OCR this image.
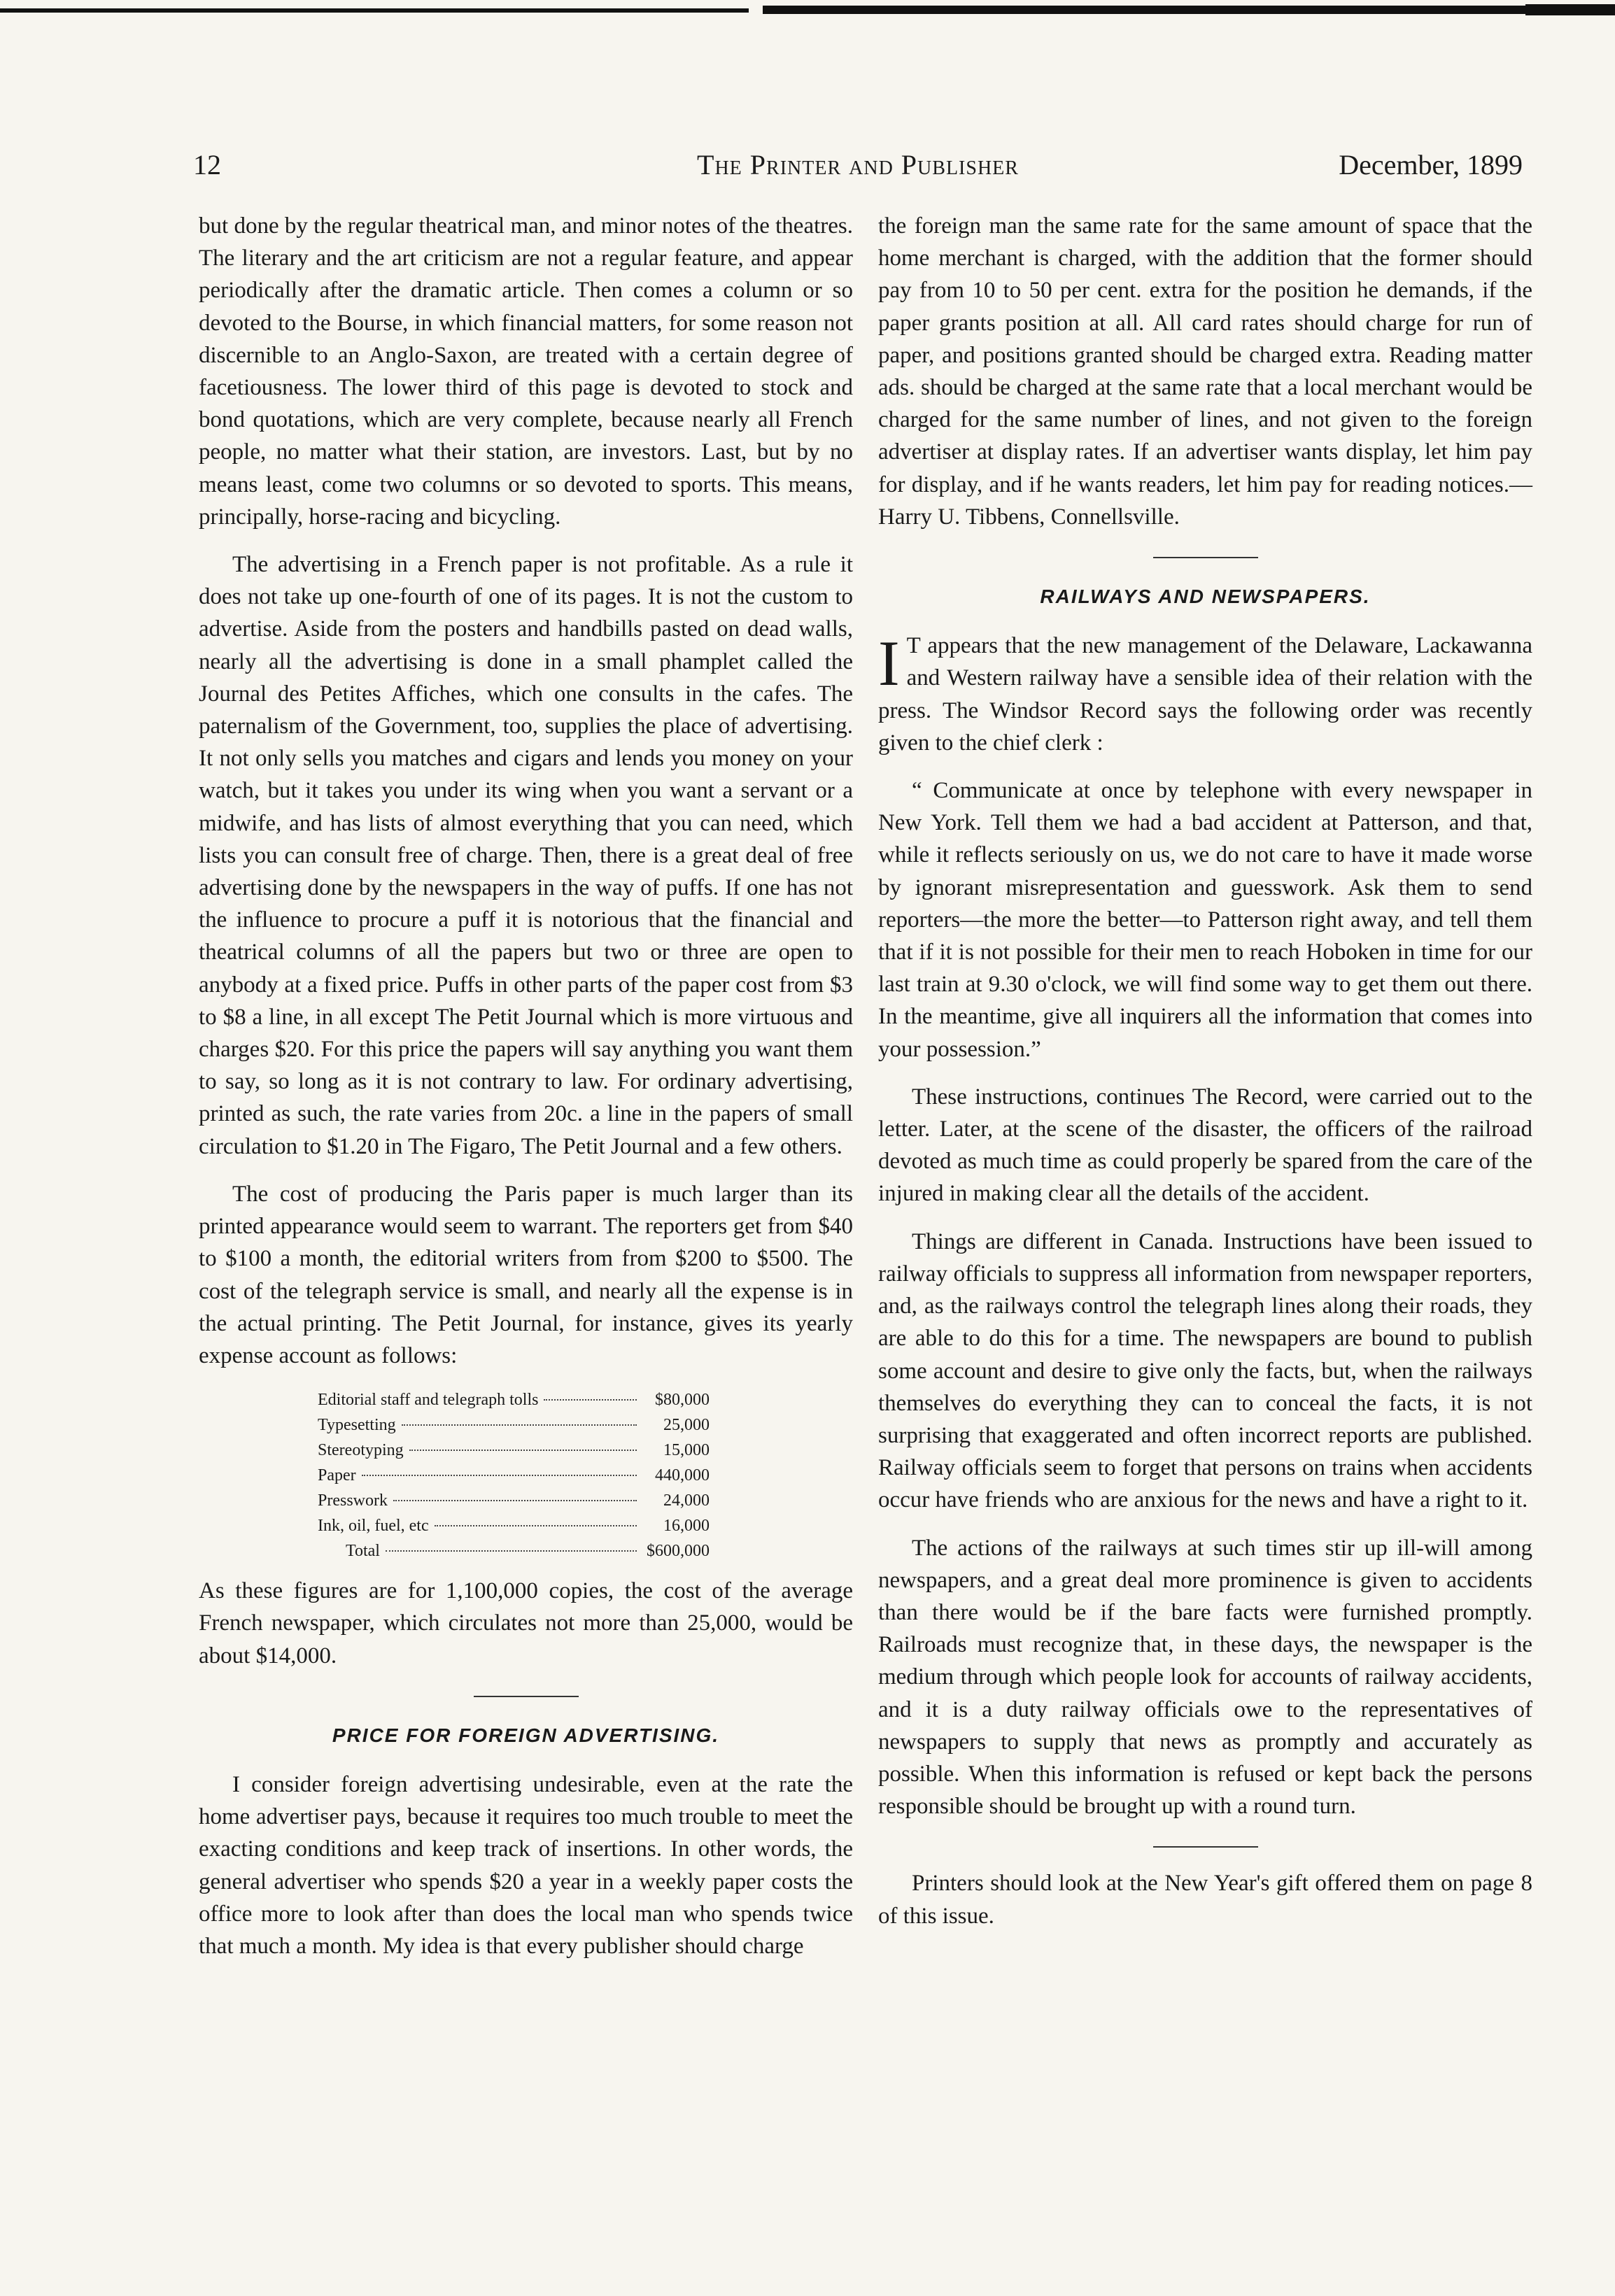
12	The Printer and Publisher	December, 1899

but done by the regular theatrical man, and minor notes of the theatres. The literary and the art criticism are not a regular feature, and appear periodically after the dramatic article. Then comes a column or so devoted to the Bourse, in which financial matters, for some reason not discernible to an Anglo-Saxon, are treated with a certain degree of facetiousness. The lower third of this page is devoted to stock and bond quotations, which are very complete, because nearly all French people, no matter what their station, are investors. Last, but by no means least, come two columns or so devoted to sports. This means, principally, horse-racing and bicycling.

The advertising in a French paper is not profitable. As a rule it does not take up one-fourth of one of its pages. It is not the custom to advertise. Aside from the posters and handbills pasted on dead walls, nearly all the advertising is done in a small phamplet called the Journal des Petites Affiches, which one consults in the cafes. The paternalism of the Government, too, supplies the place of advertising. It not only sells you matches and cigars and lends you money on your watch, but it takes you under its wing when you want a servant or a midwife, and has lists of almost everything that you can need, which lists you can consult free of charge. Then, there is a great deal of free advertising done by the newspapers in the way of puffs. If one has not the influence to procure a puff it is notorious that the financial and theatrical columns of all the papers but two or three are open to anybody at a fixed price. Puffs in other parts of the paper cost from $3 to $8 a line, in all except The Petit Journal which is more virtuous and charges $20. For this price the papers will say anything you want them to say, so long as it is not contrary to law. For ordinary advertising, printed as such, the rate varies from 20c. a line in the papers of small circulation to $1.20 in The Figaro, The Petit Journal and a few others.

The cost of producing the Paris paper is much larger than its printed appearance would seem to warrant. The reporters get from $40 to $100 a month, the editorial writers from from $200 to $500. The cost of the telegraph service is small, and nearly all the expense is in the actual printing. The Petit Journal, for instance, gives its yearly expense account as follows:

Editorial staff and telegraph tolls	$80,000
Typesetting	25,000
Stereotyping	15,000
Paper	440,000
Presswork	24,000
Ink, oil, fuel, etc	16,000
Total	$600,000

As these figures are for 1,100,000 copies, the cost of the average French newspaper, which circulates not more than 25,000, would be about $14,000.

PRICE FOR FOREIGN ADVERTISING.

I consider foreign advertising undesirable, even at the rate the home advertiser pays, because it requires too much trouble to meet the exacting conditions and keep track of insertions. In other words, the general advertiser who spends $20 a year in a weekly paper costs the office more to look after than does the local man who spends twice that much a month. My idea is that every publisher should charge

the foreign man the same rate for the same amount of space that the home merchant is charged, with the addition that the former should pay from 10 to 50 per cent. extra for the position he demands, if the paper grants position at all. All card rates should charge for run of paper, and positions granted should be charged extra. Reading matter ads. should be charged at the same rate that a local merchant would be charged for the same number of lines, and not given to the foreign advertiser at display rates. If an advertiser wants display, let him pay for display, and if he wants readers, let him pay for reading notices.—Harry U. Tibbens, Connellsville.

RAILWAYS AND NEWSPAPERS.

I T appears that the new management of the Delaware, Lackawanna and Western railway have a sensible idea of their relation with the press. The Windsor Record says the following order was recently given to the chief clerk :

“ Communicate at once by telephone with every newspaper in New York. Tell them we had a bad accident at Patterson, and that, while it reflects seriously on us, we do not care to have it made worse by ignorant misrepresentation and guesswork. Ask them to send reporters—the more the better—to Patterson right away, and tell them that if it is not possible for their men to reach Hoboken in time for our last train at 9.30 o'clock, we will find some way to get them out there. In the meantime, give all inquirers all the information that comes into your possession.”

These instructions, continues The Record, were carried out to the letter. Later, at the scene of the disaster, the officers of the railroad devoted as much time as could properly be spared from the care of the injured in making clear all the details of the accident.

Things are different in Canada. Instructions have been issued to railway officials to suppress all information from newspaper reporters, and, as the railways control the telegraph lines along their roads, they are able to do this for a time. The newspapers are bound to publish some account and desire to give only the facts, but, when the railways themselves do everything they can to conceal the facts, it is not surprising that exaggerated and often incorrect reports are published. Railway officials seem to forget that persons on trains when accidents occur have friends who are anxious for the news and have a right to it.

The actions of the railways at such times stir up ill-will among newspapers, and a great deal more prominence is given to accidents than there would be if the bare facts were furnished promptly. Railroads must recognize that, in these days, the newspaper is the medium through which people look for accounts of railway accidents, and it is a duty railway officials owe to the representatives of newspapers to supply that news as promptly and accurately as possible. When this information is refused or kept back the persons responsible should be brought up with a round turn.

Printers should look at the New Year's gift offered them on page 8 of this issue.
